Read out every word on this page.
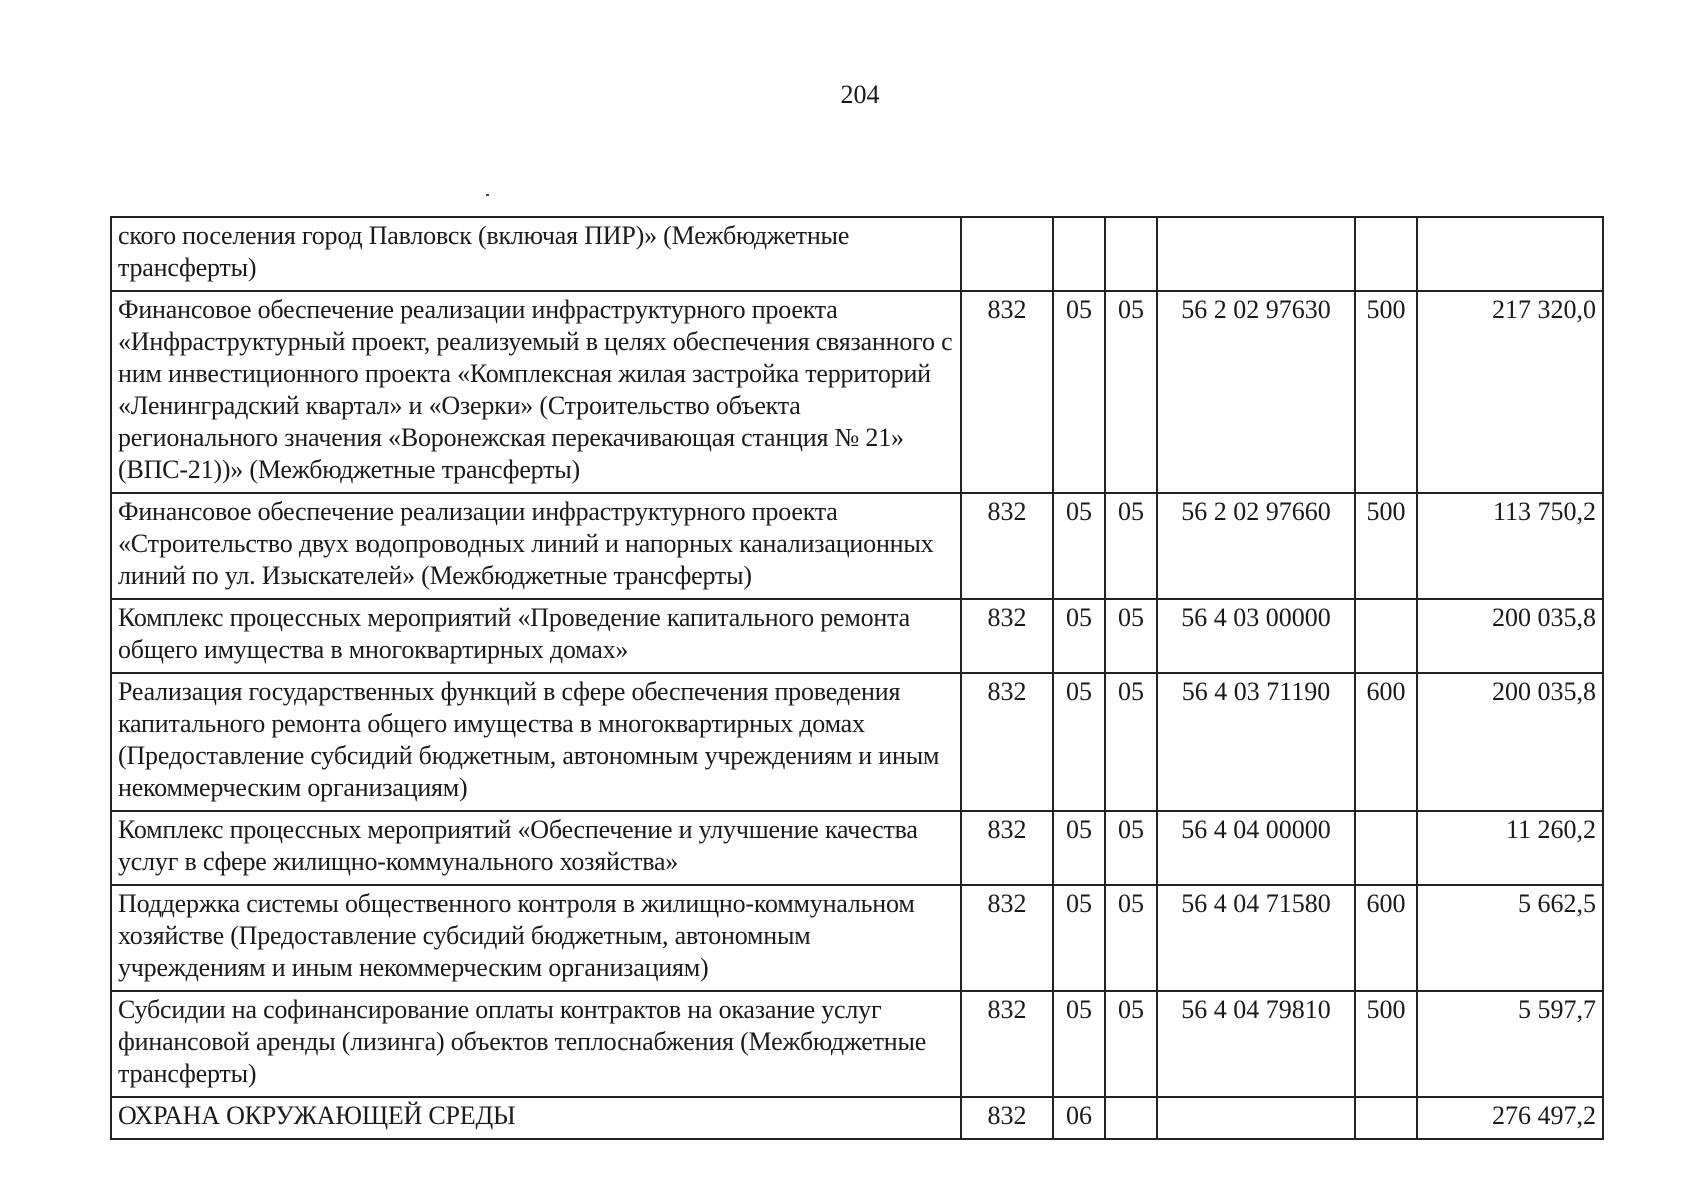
204
ского поселения город Павловск (включая ПИР)» (Межбюджетные трансферты)						
Финансовое обеспечение реализации инфраструктурного проекта «Инфраструктурный проект, реализуемый в целях обеспечения связанного с ним инвестиционного проекта «Комплексная жилая застройка территорий «Ленинградский квартал» и «Озерки» (Строительство объекта регионального значения «Воронежская перекачивающая станция № 21» (ВПС-21))» (Межбюджетные трансферты)	832	05	05	56 2 02 97630	500	217 320,0
Финансовое обеспечение реализации инфраструктурного проекта «Строительство двух водопроводных линий и напорных канализационных линий по ул. Изыскателей» (Межбюджетные трансферты)	832	05	05	56 2 02 97660	500	113 750,2
Комплекс процессных мероприятий «Проведение капитального ремонта общего имущества в многоквартирных домах»	832	05	05	56 4 03 00000		200 035,8
Реализация государственных функций в сфере обеспечения проведения капитального ремонта общего имущества в многоквартирных домах (Предоставление субсидий бюджетным, автономным учреждениям и иным некоммерческим организациям)	832	05	05	56 4 03 71190	600	200 035,8
Комплекс процессных мероприятий «Обеспечение и улучшение качества услуг в сфере жилищно-коммунального хозяйства»	832	05	05	56 4 04 00000		11 260,2
Поддержка системы общественного контроля в жилищно-коммунальном хозяйстве (Предоставление субсидий бюджетным, автономным учреждениям и иным некоммерческим организациям)	832	05	05	56 4 04 71580	600	5 662,5
Субсидии на софинансирование оплаты контрактов на оказание услуг финансовой аренды (лизинга) объектов теплоснабжения (Межбюджетные трансферты)	832	05	05	56 4 04 79810	500	5 597,7
ОХРАНА ОКРУЖАЮЩЕЙ СРЕДЫ	832	06				276 497,2
